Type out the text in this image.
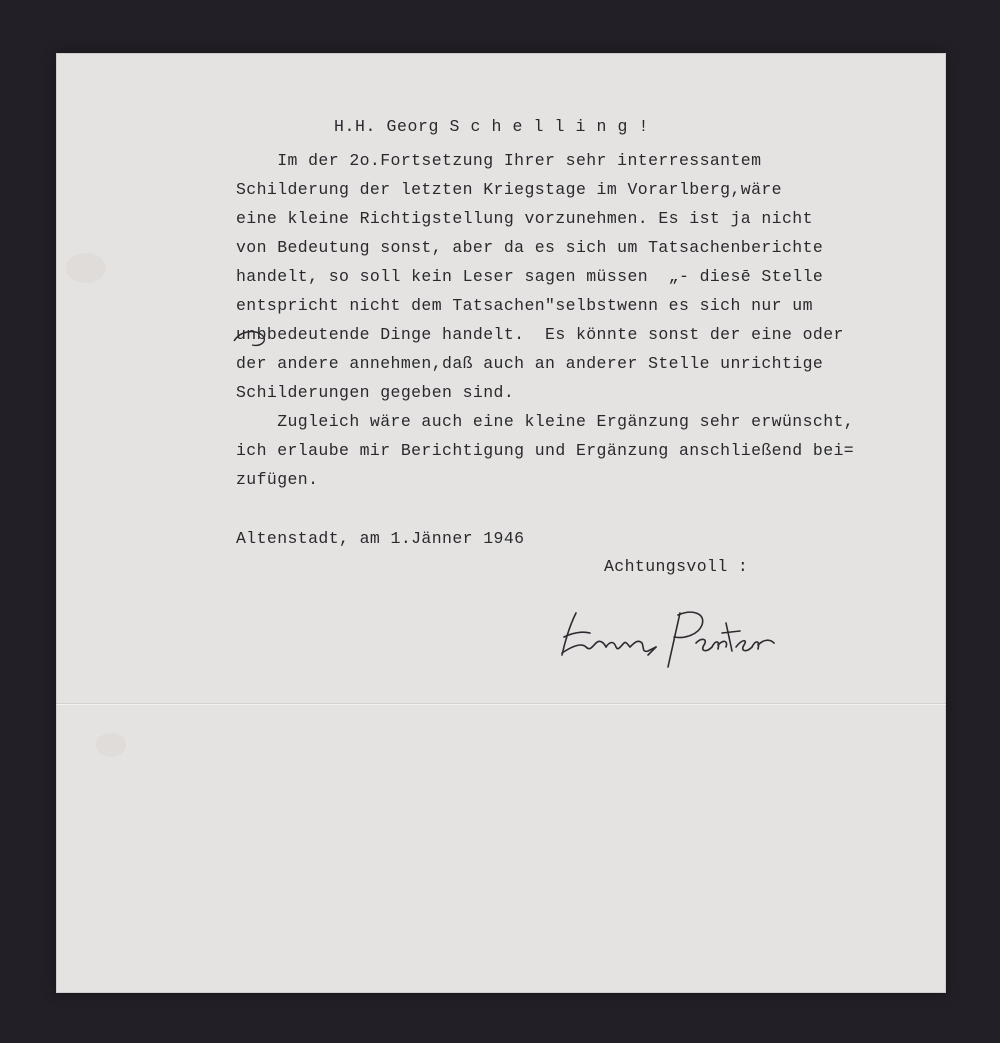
H.H. Georg S c h e l l i n g !
Im der 2o.Fortsetzung Ihrer sehr interressantem
Schilderung der letzten Kriegstage im Vorarlberg,wäre
eine kleine Richtigstellung vorzunehmen. Es ist ja nicht
von Bedeutung sonst, aber da es sich um Tatsachenberichte
handelt, so soll kein Leser sagen müssen  „- diesē Stelle
entspricht nicht dem Tatsachen"selbstwenn es sich nur um
unbbedeutende Dinge handelt.  Es könnte sonst der eine oder
der andere annehmen,daß auch an anderer Stelle unrichtige
Schilderungen gegeben sind.
Zugleich wäre auch eine kleine Ergänzung sehr erwünscht,
ich erlaube mir Berichtigung und Ergänzung anschließend bei=
zufügen.
Altenstadt, am 1.Jänner 1946
Achtungsvoll :
